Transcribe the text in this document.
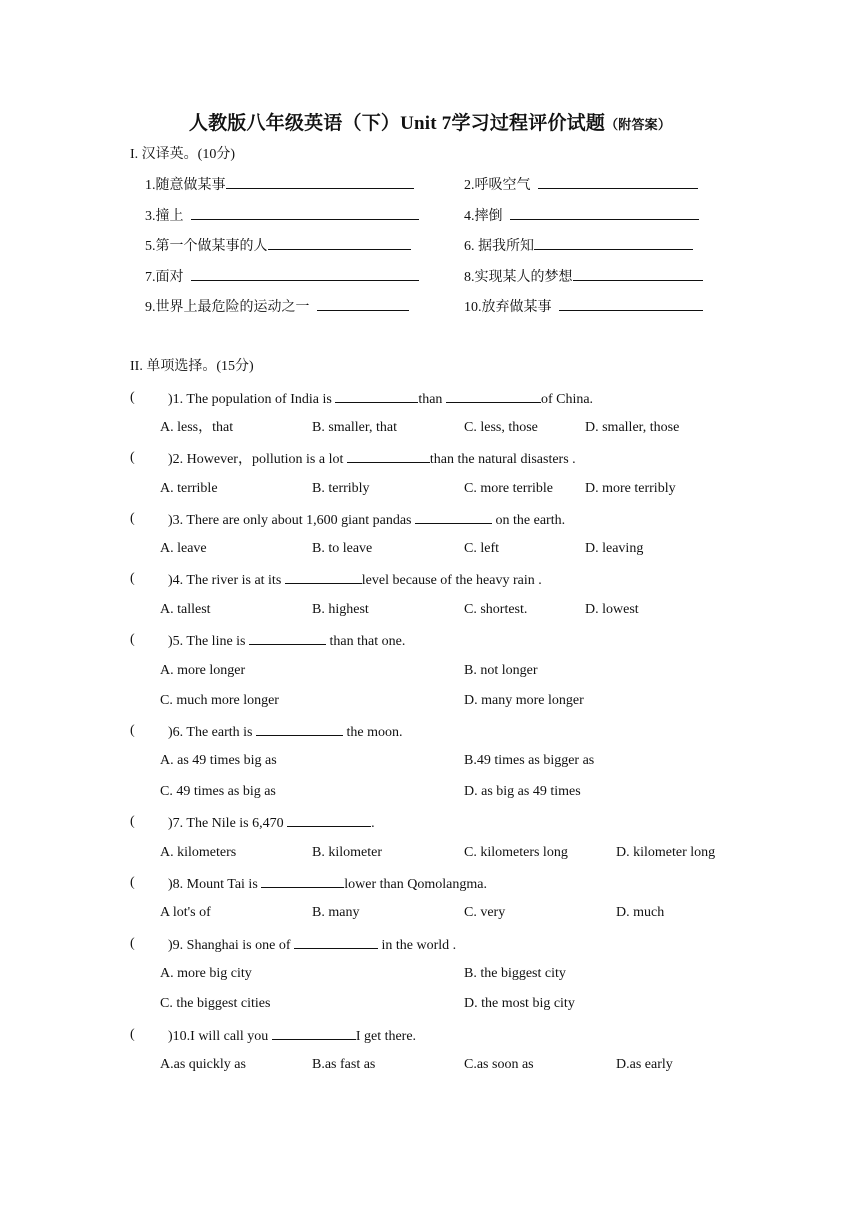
人教版八年级英语（下）Unit 7学习过程评价试题（附答案）
I. 汉译英。(10分)
1.随意做某事	2.呼吸空气
3.撞上	4.摔倒
5.第一个做某事的人	6. 据我所知
7.面对	8.实现某人的梦想
9.世界上最危险的运动之一	10.放弃做某事
II. 单项选择。(15分)
( )1. The population of India is	than	of China.
A. less，that	B. smaller, that	C. less, those	D. smaller, those
( )2. However，pollution is a lot	than the natural disasters .
A. terrible	B. terribly	C. more terrible D. more terribly
( )3. There are only about 1,600 giant pandas	on the earth.
A. leave	B. to leave	C. left	D. leaving
( )4. The river is at its	level because of the heavy rain .
A. tallest	B. highest	C. shortest.	D. lowest
( )5. The line is	than that one.
A. more longer	B. not longer
C. much more longer	D. many more longer
( )6. The earth is	the moon.
A. as 49 times big as	B.49 times as bigger as
C. 49 times as big as	D. as big as 49 times
( )7. The Nile is 6,470	.
A. kilometers	B. kilometer	C. kilometers long	D. kilometer long
( )8. Mount Tai is	lower than Qomolangma.
A lot's of	B. many	C. very	D. much
( )9. Shanghai is one of	in the world .
A. more big city	B. the biggest city
C. the biggest cities	D. the most big city
( )10.I will call you	I get there.
A.as quickly as	B.as fast as	C.as soon as	D.as early
